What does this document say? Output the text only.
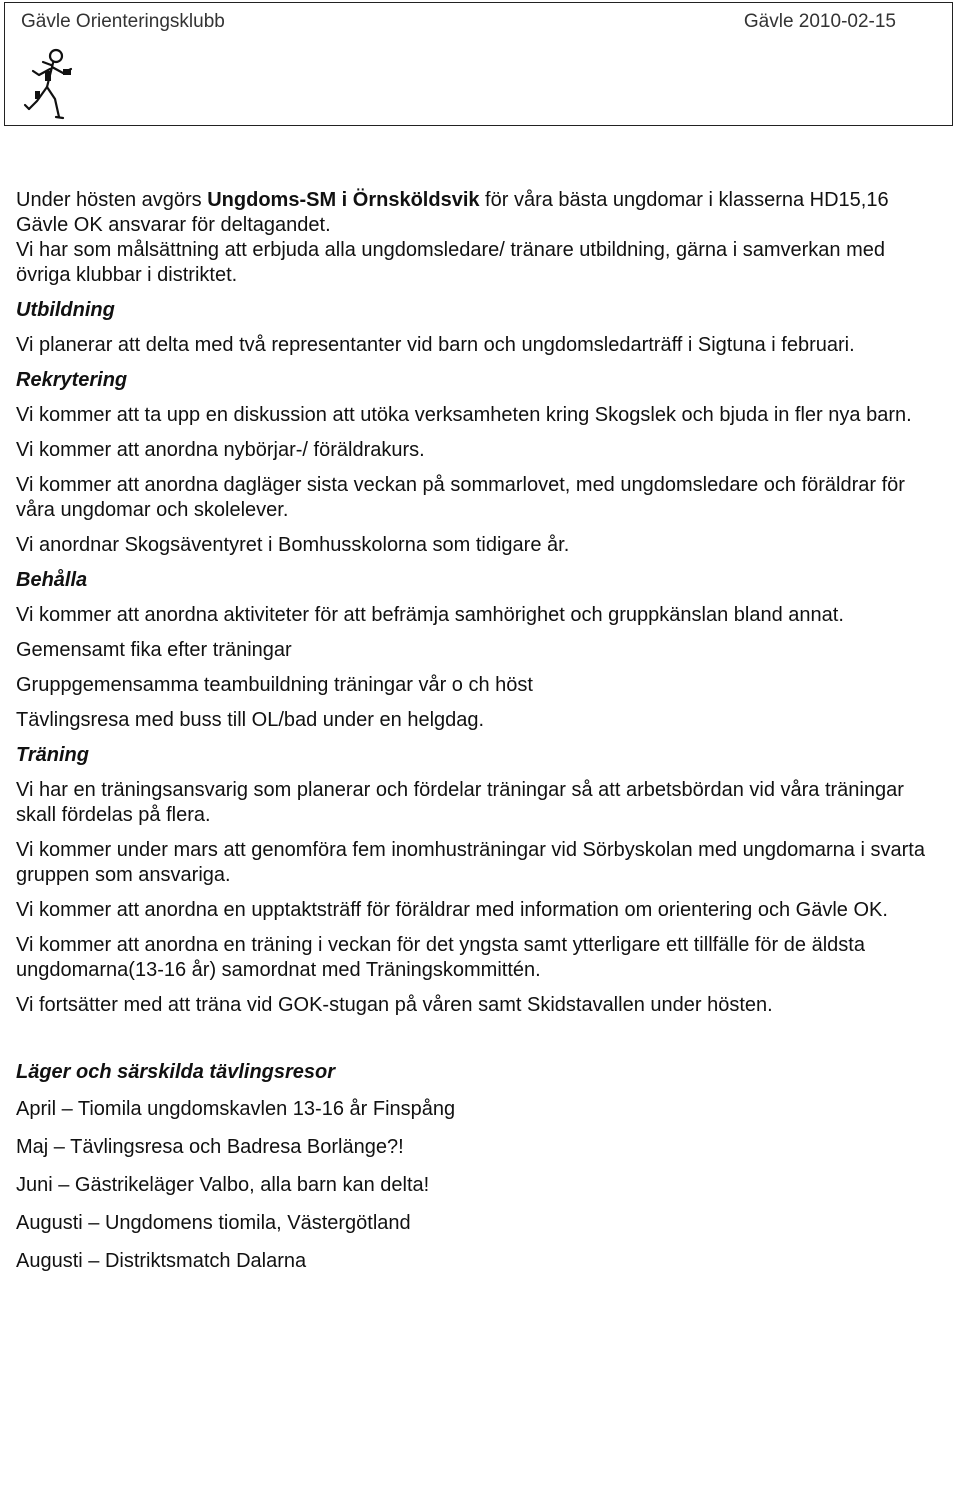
Gävle Orienteringsklubb	Gävle 2010-02-15

Under hösten avgörs Ungdoms-SM i Örnsköldsvik för våra bästa ungdomar i klasserna HD15,16 Gävle OK ansvarar för deltagandet.

Vi har som målsättning att erbjuda alla ungdomsledare/ tränare utbildning, gärna i samverkan med övriga klubbar i distriktet.

Utbildning

Vi planerar att delta med två representanter vid barn och ungdomsledarträff i Sigtuna i februari.

Rekrytering

Vi kommer att ta upp en diskussion att utöka verksamheten kring Skogslek och bjuda in fler nya barn.

Vi kommer att anordna nybörjar-/ föräldrakurs.

Vi kommer att anordna dagläger sista veckan på sommarlovet, med ungdomsledare och föräldrar för våra ungdomar och skolelever.

Vi anordnar Skogsäventyret i Bomhusskolorna som tidigare år.

Behålla

Vi kommer att anordna aktiviteter för att befrämja samhörighet och gruppkänslan bland annat.

Gemensamt fika efter träningar

Gruppgemensamma teambuildning träningar vår o ch höst

Tävlingsresa med buss till OL/bad under en helgdag.

Träning

Vi har en träningsansvarig som planerar och fördelar träningar så att arbetsbördan vid våra träningar skall fördelas på flera.

Vi kommer under mars att genomföra fem inomhusträningar vid Sörbyskolan med ungdomarna i svarta gruppen som ansvariga.

Vi kommer att anordna en upptaktsträff för föräldrar med information om orientering och Gävle OK.

Vi kommer att anordna en träning i veckan för det yngsta samt ytterligare ett tillfälle för de äldsta ungdomarna(13-16 år) samordnat med Träningskommittén.

Vi fortsätter med att träna vid GOK-stugan på våren samt Skidstavallen under hösten.

Läger och särskilda tävlingsresor

April – Tiomila ungdomskavlen 13-16 år Finspång

Maj – Tävlingsresa och Badresa Borlänge?!

Juni – Gästrikeläger Valbo, alla barn kan delta!

Augusti – Ungdomens tiomila, Västergötland

Augusti – Distriktsmatch Dalarna
